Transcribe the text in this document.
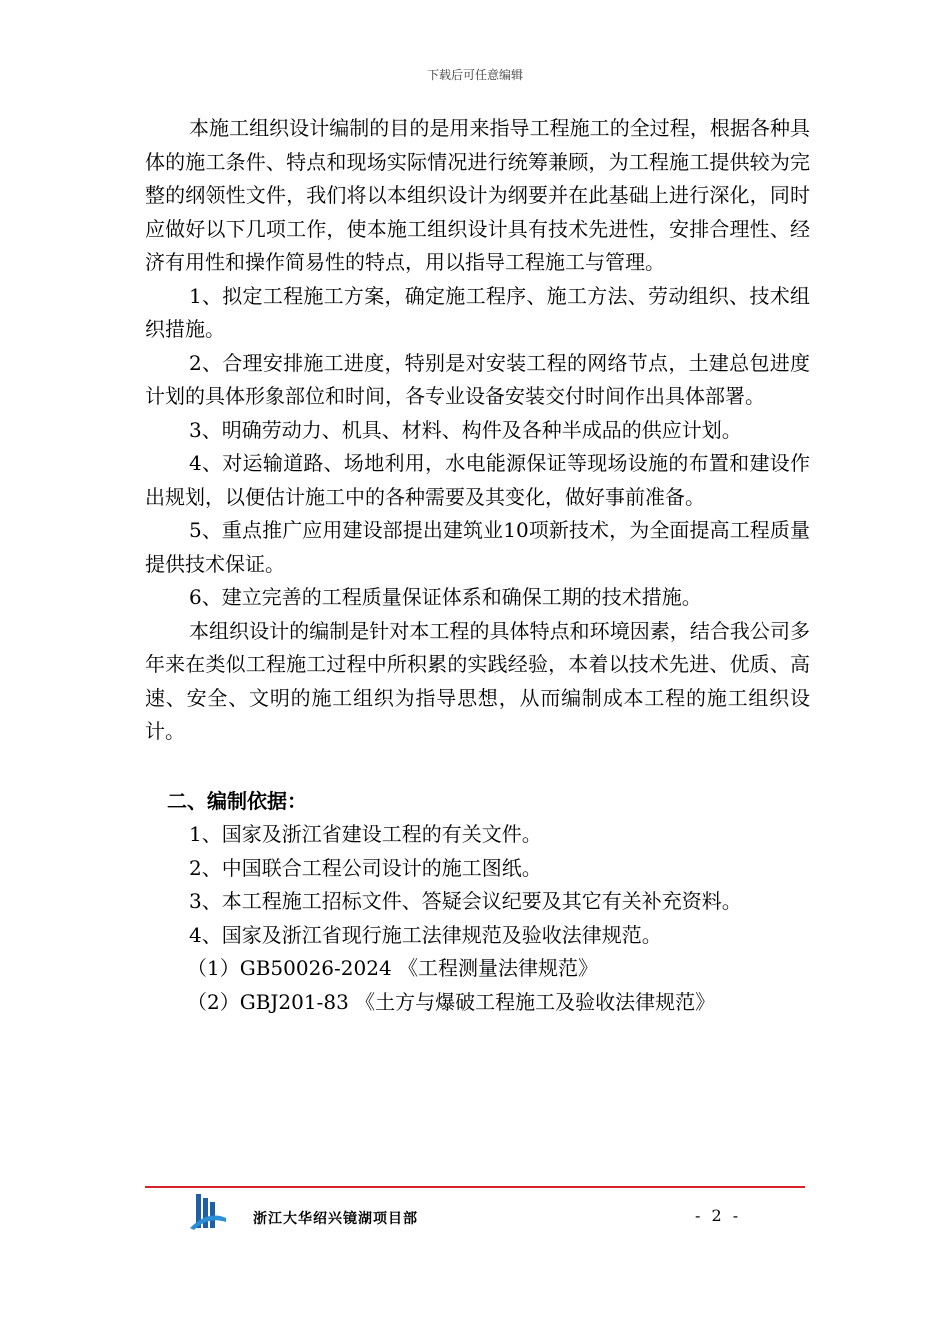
下载后可任意编辑

本施工组织设计编制的目的是用来指导工程施工的全过程，根据各种具体的施工条件、特点和现场实际情况进行统筹兼顾，为工程施工提供较为完整的纲领性文件，我们将以本组织设计为纲要并在此基础上进行深化，同时应做好以下几项工作，使本施工组织设计具有技术先进性，安排合理性、经济有用性和操作简易性的特点，用以指导工程施工与管理。

1、拟定工程施工方案，确定施工程序、施工方法、劳动组织、技术组织措施。

2、合理安排施工进度，特别是对安装工程的网络节点，土建总包进度计划的具体形象部位和时间，各专业设备安装交付时间作出具体部署。

3、明确劳动力、机具、材料、构件及各种半成品的供应计划。

4、对运输道路、场地利用，水电能源保证等现场设施的布置和建设作出规划，以便估计施工中的各种需要及其变化，做好事前准备。

5、重点推广应用建设部提出建筑业10项新技术，为全面提高工程质量提供技术保证。

6、建立完善的工程质量保证体系和确保工期的技术措施。

本组织设计的编制是针对本工程的具体特点和环境因素，结合我公司多年来在类似工程施工过程中所积累的实践经验，本着以技术先进、优质、高速、安全、文明的施工组织为指导思想，从而编制成本工程的施工组织设计。

二、编制依据：

1、国家及浙江省建设工程的有关文件。

2、中国联合工程公司设计的施工图纸。

3、本工程施工招标文件、答疑会议纪要及其它有关补充资料。

4、国家及浙江省现行施工法律规范及验收法律规范。

（1）GB50026-2024 《工程测量法律规范》

（2）GBJ201-83 《土方与爆破工程施工及验收法律规范》

浙江大华绍兴镜湖项目部	- 2 -
